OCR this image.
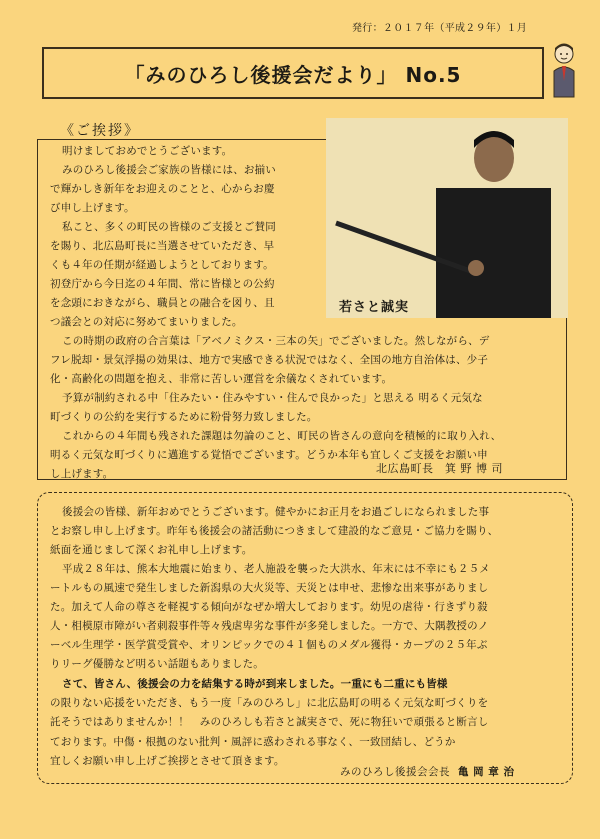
発行：２０１７年（平成２９年）１月
「みのひろし後援会だより」 No.5
《ご挨拶》
若さと誠実

明けましておめでとうございます。

みのひろし後援会ご家族の皆様には、お揃い

で輝かしき新年をお迎えのことと、心からお慶

び申し上げます。

私こと、多くの町民の皆様のご支援とご賛同

を賜り、北広島町長に当選させていただき、早

くも４年の任期が経過しようとしております。

初登庁から今日迄の４年間、常に皆様との公約

を念頭におきながら、職員との融合を図り、且

つ議会との対応に努めてまいりました。

この時期の政府の合言葉は「アベノミクス・三本の矢」でございました。然しながら、デ

フレ脱却・景気浮揚の効果は、地方で実感できる状況ではなく、全国の地方自治体は、少子

化・高齢化の問題を抱え、非常に苦しい運営を余儀なくされています。

予算が制約される中「住みたい・住みやすい・住んで良かった」と思える 明るく元気な

町づくりの公約を実行するために粉骨努力致しました。

これからの４年間も残された課題は勿論のこと、町民の皆さんの意向を積極的に取り入れ、

明るく元気な町づくりに邁進する覚悟でございます。どうか本年も宜しくご支援をお願い申

し上げます。	北広島町長　箕 野 博 司

後援会の皆様、新年おめでとうございます。健やかにお正月をお過ごしになられました事

とお察し申し上げます。昨年も後援会の諸活動につきまして建設的なご意見・ご協力を賜り、

紙面を通じまして深くお礼申し上げます。

平成２８年は、熊本大地震に始まり、老人施設を襲った大洪水、年末には不幸にも２５メ

ートルもの風速で発生しました新潟県の大火災等、天災とは申せ、悲惨な出来事がありまし

た。加えて人命の尊さを軽視する傾向がなぜか増大しております。幼児の虐待・行きずり殺

人・相模原市障がい者刺殺事件等々残虐卑劣な事件が多発しました。一方で、大隅教授のノ

ーベル生理学・医学賞受賞や、オリンピックでの４１個ものメダル獲得・カープの２５年ぶ

りリーグ優勝など明るい話題もありました。

さて、皆さん、後援会の力を結集する時が到来しました。一重にも二重にも皆様

の限りない応援をいただき、もう一度「みのひろし」に北広島町の明るく元気な町づくりを

託そうではありませんか！！　みのひろしも若さと誠実さで、死に物狂いで頑張ると断言し

ております。中傷・根拠のない批判・風評に惑わされる事なく、一致団結し、どうか

宜しくお願い申し上げご挨拶とさせて頂きます。

みのひろし後援会会長 亀 岡 章 治
